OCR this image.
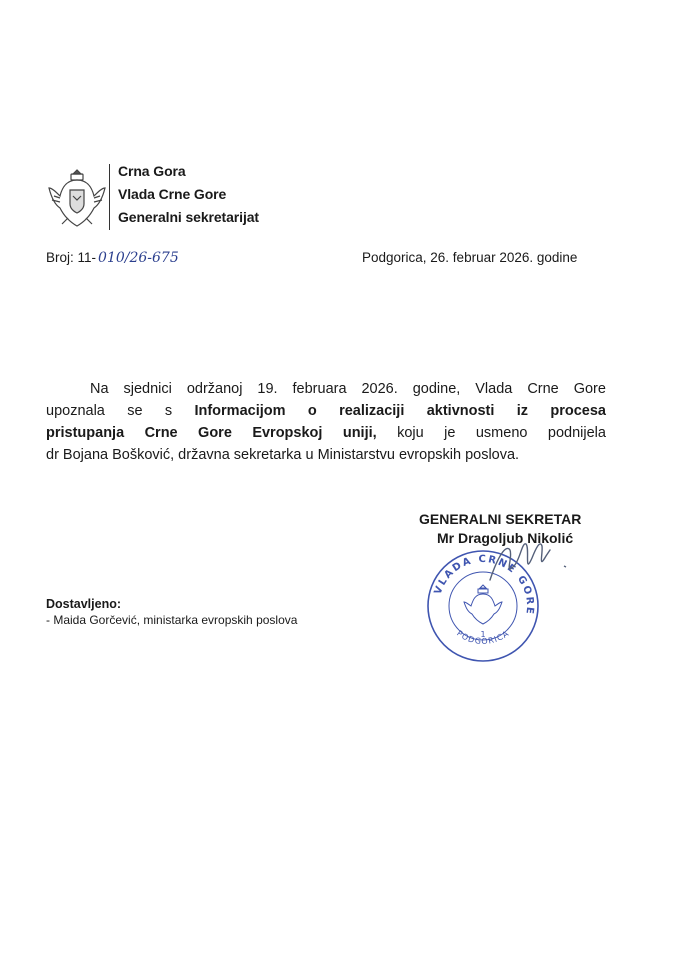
Crna Gora
Vlada Crne Gore
Generalni sekretarijat
Broj: 11- 010/26-675	Podgorica, 26. februar 2026. godine
Na sjednici održanoj 19. februara 2026. godine, Vlada Crne Gore
upoznala se s Informacijom o realizaciji aktivnosti iz procesa
pristupanja Crne Gore Evropskoj uniji, koju je usmeno podnijela
dr Bojana Bošković, državna sekretarka u Ministarstvu evropskih poslova.
GENERALNI SEKRETAR
Mr Dragoljub Nikolić
VLADA CRNE GORE
1
PODGORICA
Dostavljeno:
- Maida Gorčević, ministarka evropskih poslova
